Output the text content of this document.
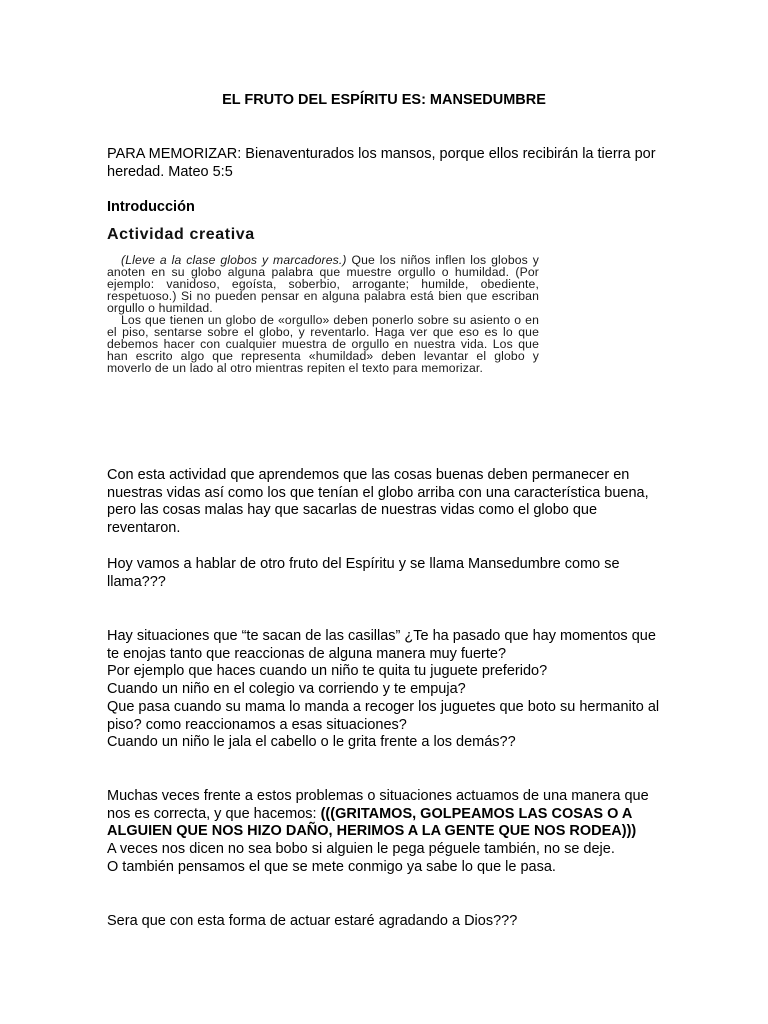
EL FRUTO DEL ESPÍRITU ES: MANSEDUMBRE

PARA MEMORIZAR: Bienaventurados los mansos, porque ellos recibirán la tierra por heredad. Mateo 5:5

Introducción

Actividad creativa

(Lleve a la clase globos y marcadores.) Que los niños inflen los globos y anoten en su globo alguna palabra que muestre orgullo o humildad. (Por ejemplo: vanidoso, egoísta, soberbio, arrogante; humilde, obediente, respetuoso.) Si no pueden pensar en alguna palabra está bien que escriban orgullo o humildad.

Los que tienen un globo de «orgullo» deben ponerlo sobre su asiento o en el piso, sentarse sobre el globo, y reventarlo. Haga ver que eso es lo que debemos hacer con cualquier muestra de orgullo en nuestra vida. Los que han escrito algo que representa «humildad» deben levantar el globo y moverlo de un lado al otro mientras repiten el texto para memorizar.

Con esta actividad que aprendemos que las cosas buenas deben permanecer en nuestras vidas así como los que tenían el globo arriba con una característica buena, pero las cosas malas hay que sacarlas de nuestras vidas como el globo que reventaron.

Hoy vamos a hablar de otro fruto del Espíritu y se llama Mansedumbre como se llama???

Hay situaciones que “te sacan de las casillas” ¿Te ha pasado que hay momentos que te enojas tanto que reaccionas de alguna manera muy fuerte?
Por ejemplo que haces cuando un niño te quita tu juguete preferido?
Cuando un niño en el colegio va corriendo y te empuja?
Que pasa cuando su mama lo manda a recoger los juguetes que boto su hermanito al piso? como reaccionamos a esas situaciones?
Cuando un niño le jala el cabello o le grita frente a los demás??
Muchas veces frente a estos problemas o situaciones actuamos de una manera que nos es correcta, y que hacemos: (((GRITAMOS, GOLPEAMOS LAS COSAS O A ALGUIEN QUE NOS HIZO DAÑO, HERIMOS A LA GENTE QUE NOS RODEA)))
A veces nos dicen no sea bobo si alguien le pega péguele también, no se deje.
O también pensamos el que se mete conmigo ya sabe lo que le pasa.

Sera que con esta forma de actuar estaré agradando a Dios???
